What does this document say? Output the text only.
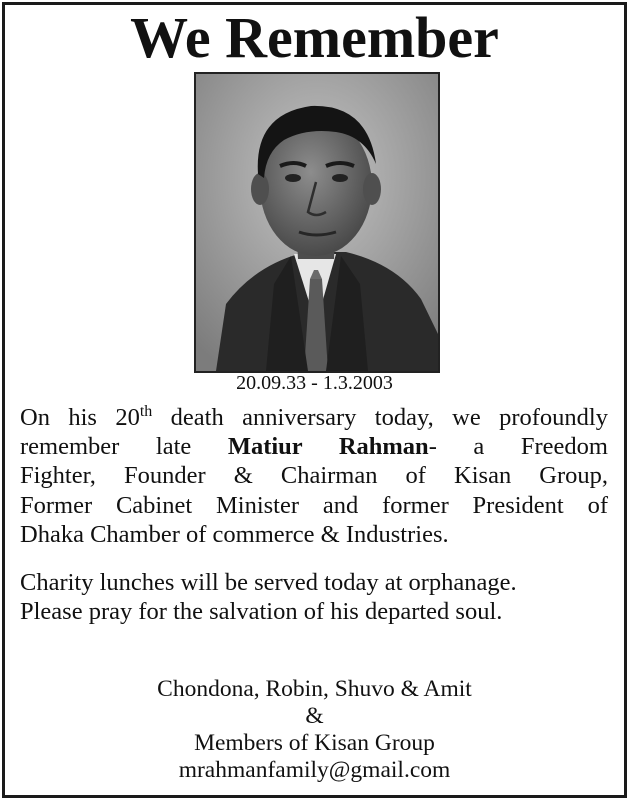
We Remember
20.09.33 - 1.3.2003
On his 20th death anniversary today, we profoundly
remember late Matiur Rahman- a Freedom
Fighter, Founder & Chairman of Kisan Group,
Former Cabinet Minister and former President of
Dhaka Chamber of commerce & Industries.
Charity lunches will be served today at orphanage.
Please pray for the salvation of his departed soul.
Chondona, Robin, Shuvo & Amit
&
Members of Kisan Group
mrahmanfamily@gmail.com
